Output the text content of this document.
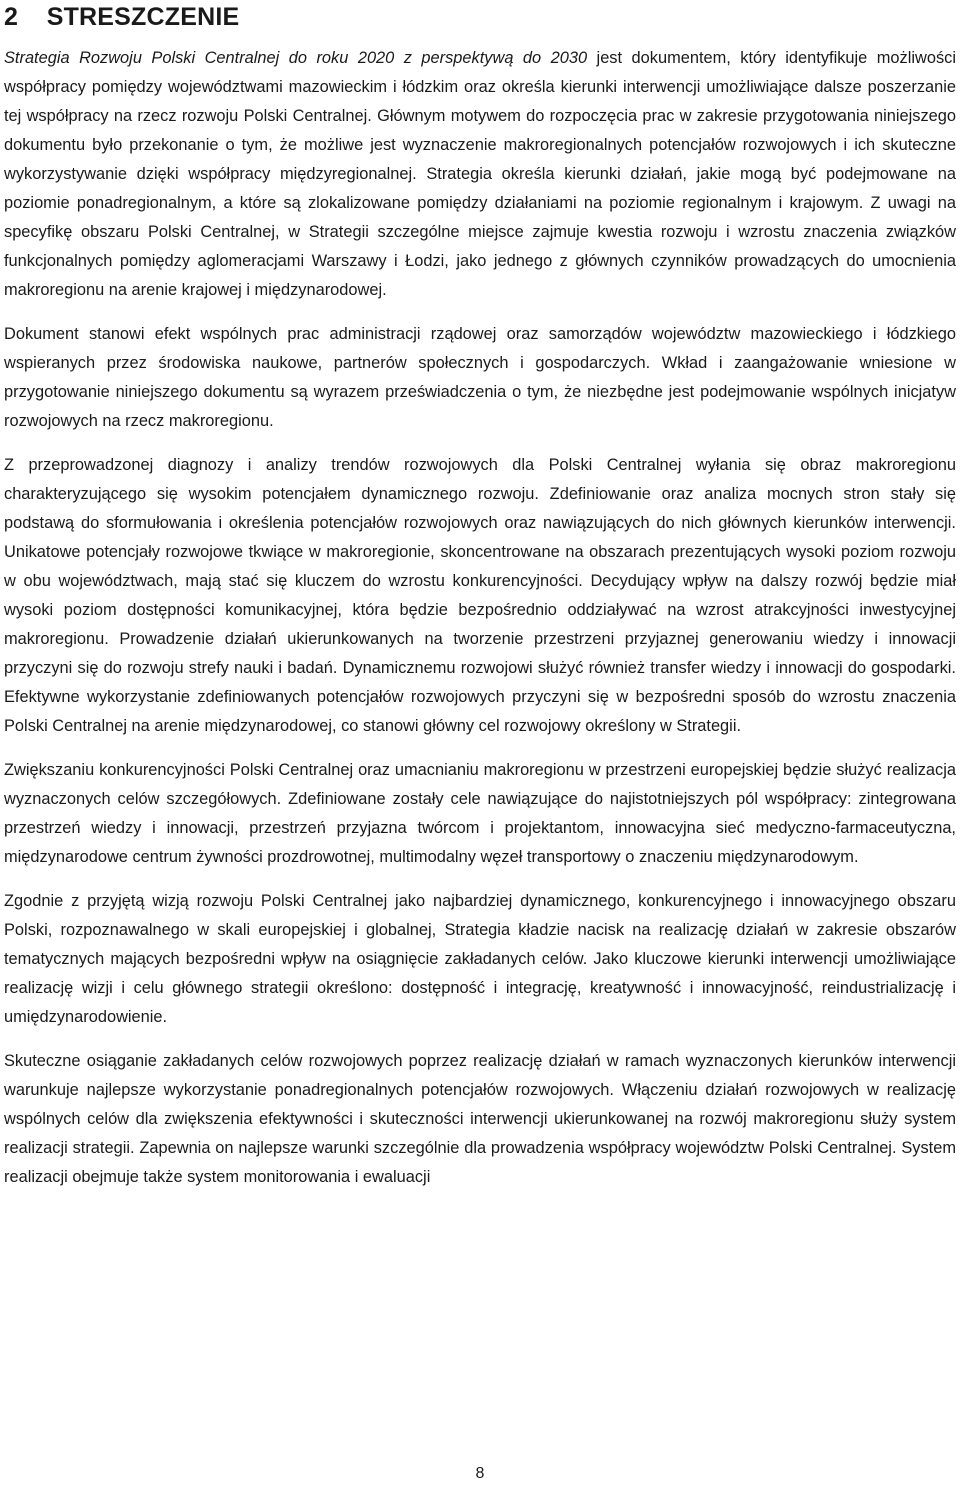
2 STRESZCZENIE

Strategia Rozwoju Polski Centralnej do roku 2020 z perspektywą do 2030 jest dokumentem, który identyfikuje możliwości współpracy pomiędzy województwami mazowieckim i łódzkim oraz określa kierunki interwencji umożliwiające dalsze poszerzanie tej współpracy na rzecz rozwoju Polski Centralnej. Głównym motywem do rozpoczęcia prac w zakresie przygotowania niniejszego dokumentu było przekonanie o tym, że możliwe jest wyznaczenie makroregionalnych potencjałów rozwojowych i ich skuteczne wykorzystywanie dzięki współpracy międzyregionalnej. Strategia określa kierunki działań, jakie mogą być podejmowane na poziomie ponadregionalnym, a które są zlokalizowane pomiędzy działaniami na poziomie regionalnym i krajowym. Z uwagi na specyfikę obszaru Polski Centralnej, w Strategii szczególne miejsce zajmuje kwestia rozwoju i wzrostu znaczenia związków funkcjonalnych pomiędzy aglomeracjami Warszawy i Łodzi, jako jednego z głównych czynników prowadzących do umocnienia makroregionu na arenie krajowej i międzynarodowej.

Dokument stanowi efekt wspólnych prac administracji rządowej oraz samorządów województw mazowieckiego i łódzkiego wspieranych przez środowiska naukowe, partnerów społecznych i gospodarczych. Wkład i zaangażowanie wniesione w przygotowanie niniejszego dokumentu są wyrazem przeświadczenia o tym, że niezbędne jest podejmowanie wspólnych inicjatyw rozwojowych na rzecz makroregionu.

Z przeprowadzonej diagnozy i analizy trendów rozwojowych dla Polski Centralnej wyłania się obraz makroregionu charakteryzującego się wysokim potencjałem dynamicznego rozwoju. Zdefiniowanie oraz analiza mocnych stron stały się podstawą do sformułowania i określenia potencjałów rozwojowych oraz nawiązujących do nich głównych kierunków interwencji. Unikatowe potencjały rozwojowe tkwiące w makroregionie, skoncentrowane na obszarach prezentujących wysoki poziom rozwoju w obu województwach, mają stać się kluczem do wzrostu konkurencyjności. Decydujący wpływ na dalszy rozwój będzie miał wysoki poziom dostępności komunikacyjnej, która będzie bezpośrednio oddziaływać na wzrost atrakcyjności inwestycyjnej makroregionu. Prowadzenie działań ukierunkowanych na tworzenie przestrzeni przyjaznej generowaniu wiedzy i innowacji przyczyni się do rozwoju strefy nauki i badań. Dynamicznemu rozwojowi służyć również transfer wiedzy i innowacji do gospodarki. Efektywne wykorzystanie zdefiniowanych potencjałów rozwojowych przyczyni się w bezpośredni sposób do wzrostu znaczenia Polski Centralnej na arenie międzynarodowej, co stanowi główny cel rozwojowy określony w Strategii.

Zwiększaniu konkurencyjności Polski Centralnej oraz umacnianiu makroregionu w przestrzeni europejskiej będzie służyć realizacja wyznaczonych celów szczegółowych. Zdefiniowane zostały cele nawiązujące do najistotniejszych pól współpracy: zintegrowana przestrzeń wiedzy i innowacji, przestrzeń przyjazna twórcom i projektantom, innowacyjna sieć medyczno-farmaceutyczna, międzynarodowe centrum żywności prozdrowotnej, multimodalny węzeł transportowy o znaczeniu międzynarodowym.

Zgodnie z przyjętą wizją rozwoju Polski Centralnej jako najbardziej dynamicznego, konkurencyjnego i innowacyjnego obszaru Polski, rozpoznawalnego w skali europejskiej i globalnej, Strategia kładzie nacisk na realizację działań w zakresie obszarów tematycznych mających bezpośredni wpływ na osiągnięcie zakładanych celów. Jako kluczowe kierunki interwencji umożliwiające realizację wizji i celu głównego strategii określono: dostępność i integrację, kreatywność i innowacyjność, reindustrializację i umiędzynarodowienie.

Skuteczne osiąganie zakładanych celów rozwojowych poprzez realizację działań w ramach wyznaczonych kierunków interwencji warunkuje najlepsze wykorzystanie ponadregionalnych potencjałów rozwojowych. Włączeniu działań rozwojowych w realizację wspólnych celów dla zwiększenia efektywności i skuteczności interwencji ukierunkowanej na rozwój makroregionu służy system realizacji strategii. Zapewnia on najlepsze warunki szczególnie dla prowadzenia współpracy województw Polski Centralnej. System realizacji obejmuje także system monitorowania i ewaluacji

8
